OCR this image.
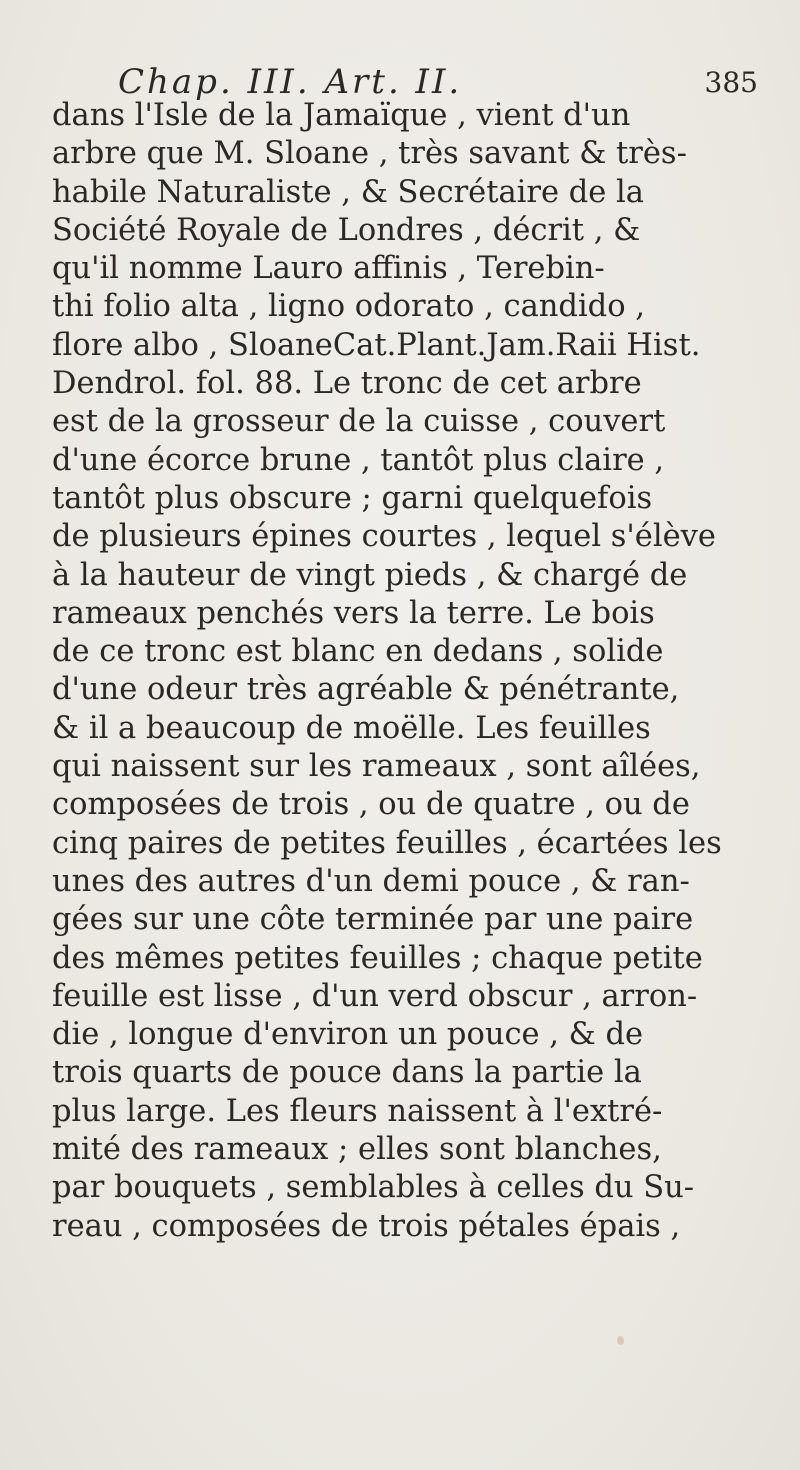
Chap. III. Art. II.	385
dans l'Isle de la Jamaïque , vient d'un
arbre que M. Sloane , très savant & très-
habile Naturaliste , & Secrétaire de la
Société Royale de Londres , décrit , &
qu'il nomme Lauro affinis , Terebin-
thi folio alta , ligno odorato , candido ,
flore albo , SloaneCat.Plant.Jam.Raii Hist.
Dendrol. fol. 88. Le tronc de cet arbre
est de la grosseur de la cuisse , couvert
d'une écorce brune , tantôt plus claire ,
tantôt plus obscure ; garni quelquefois
de plusieurs épines courtes , lequel s'élève
à la hauteur de vingt pieds , & chargé de
rameaux penchés vers la terre. Le bois
de ce tronc est blanc en dedans , solide
d'une odeur très agréable & pénétrante,
& il a beaucoup de moëlle. Les feuilles
qui naissent sur les rameaux , sont aîlées,
composées de trois , ou de quatre , ou de
cinq paires de petites feuilles , écartées les
unes des autres d'un demi pouce , & ran-
gées sur une côte terminée par une paire
des mêmes petites feuilles ; chaque petite
feuille est lisse , d'un verd obscur , arron-
die , longue d'environ un pouce , & de
trois quarts de pouce dans la partie la
plus large. Les fleurs naissent à l'extré-
mité des rameaux ; elles sont blanches,
par bouquets , semblables à celles du Su-
reau , composées de trois pétales épais ,
